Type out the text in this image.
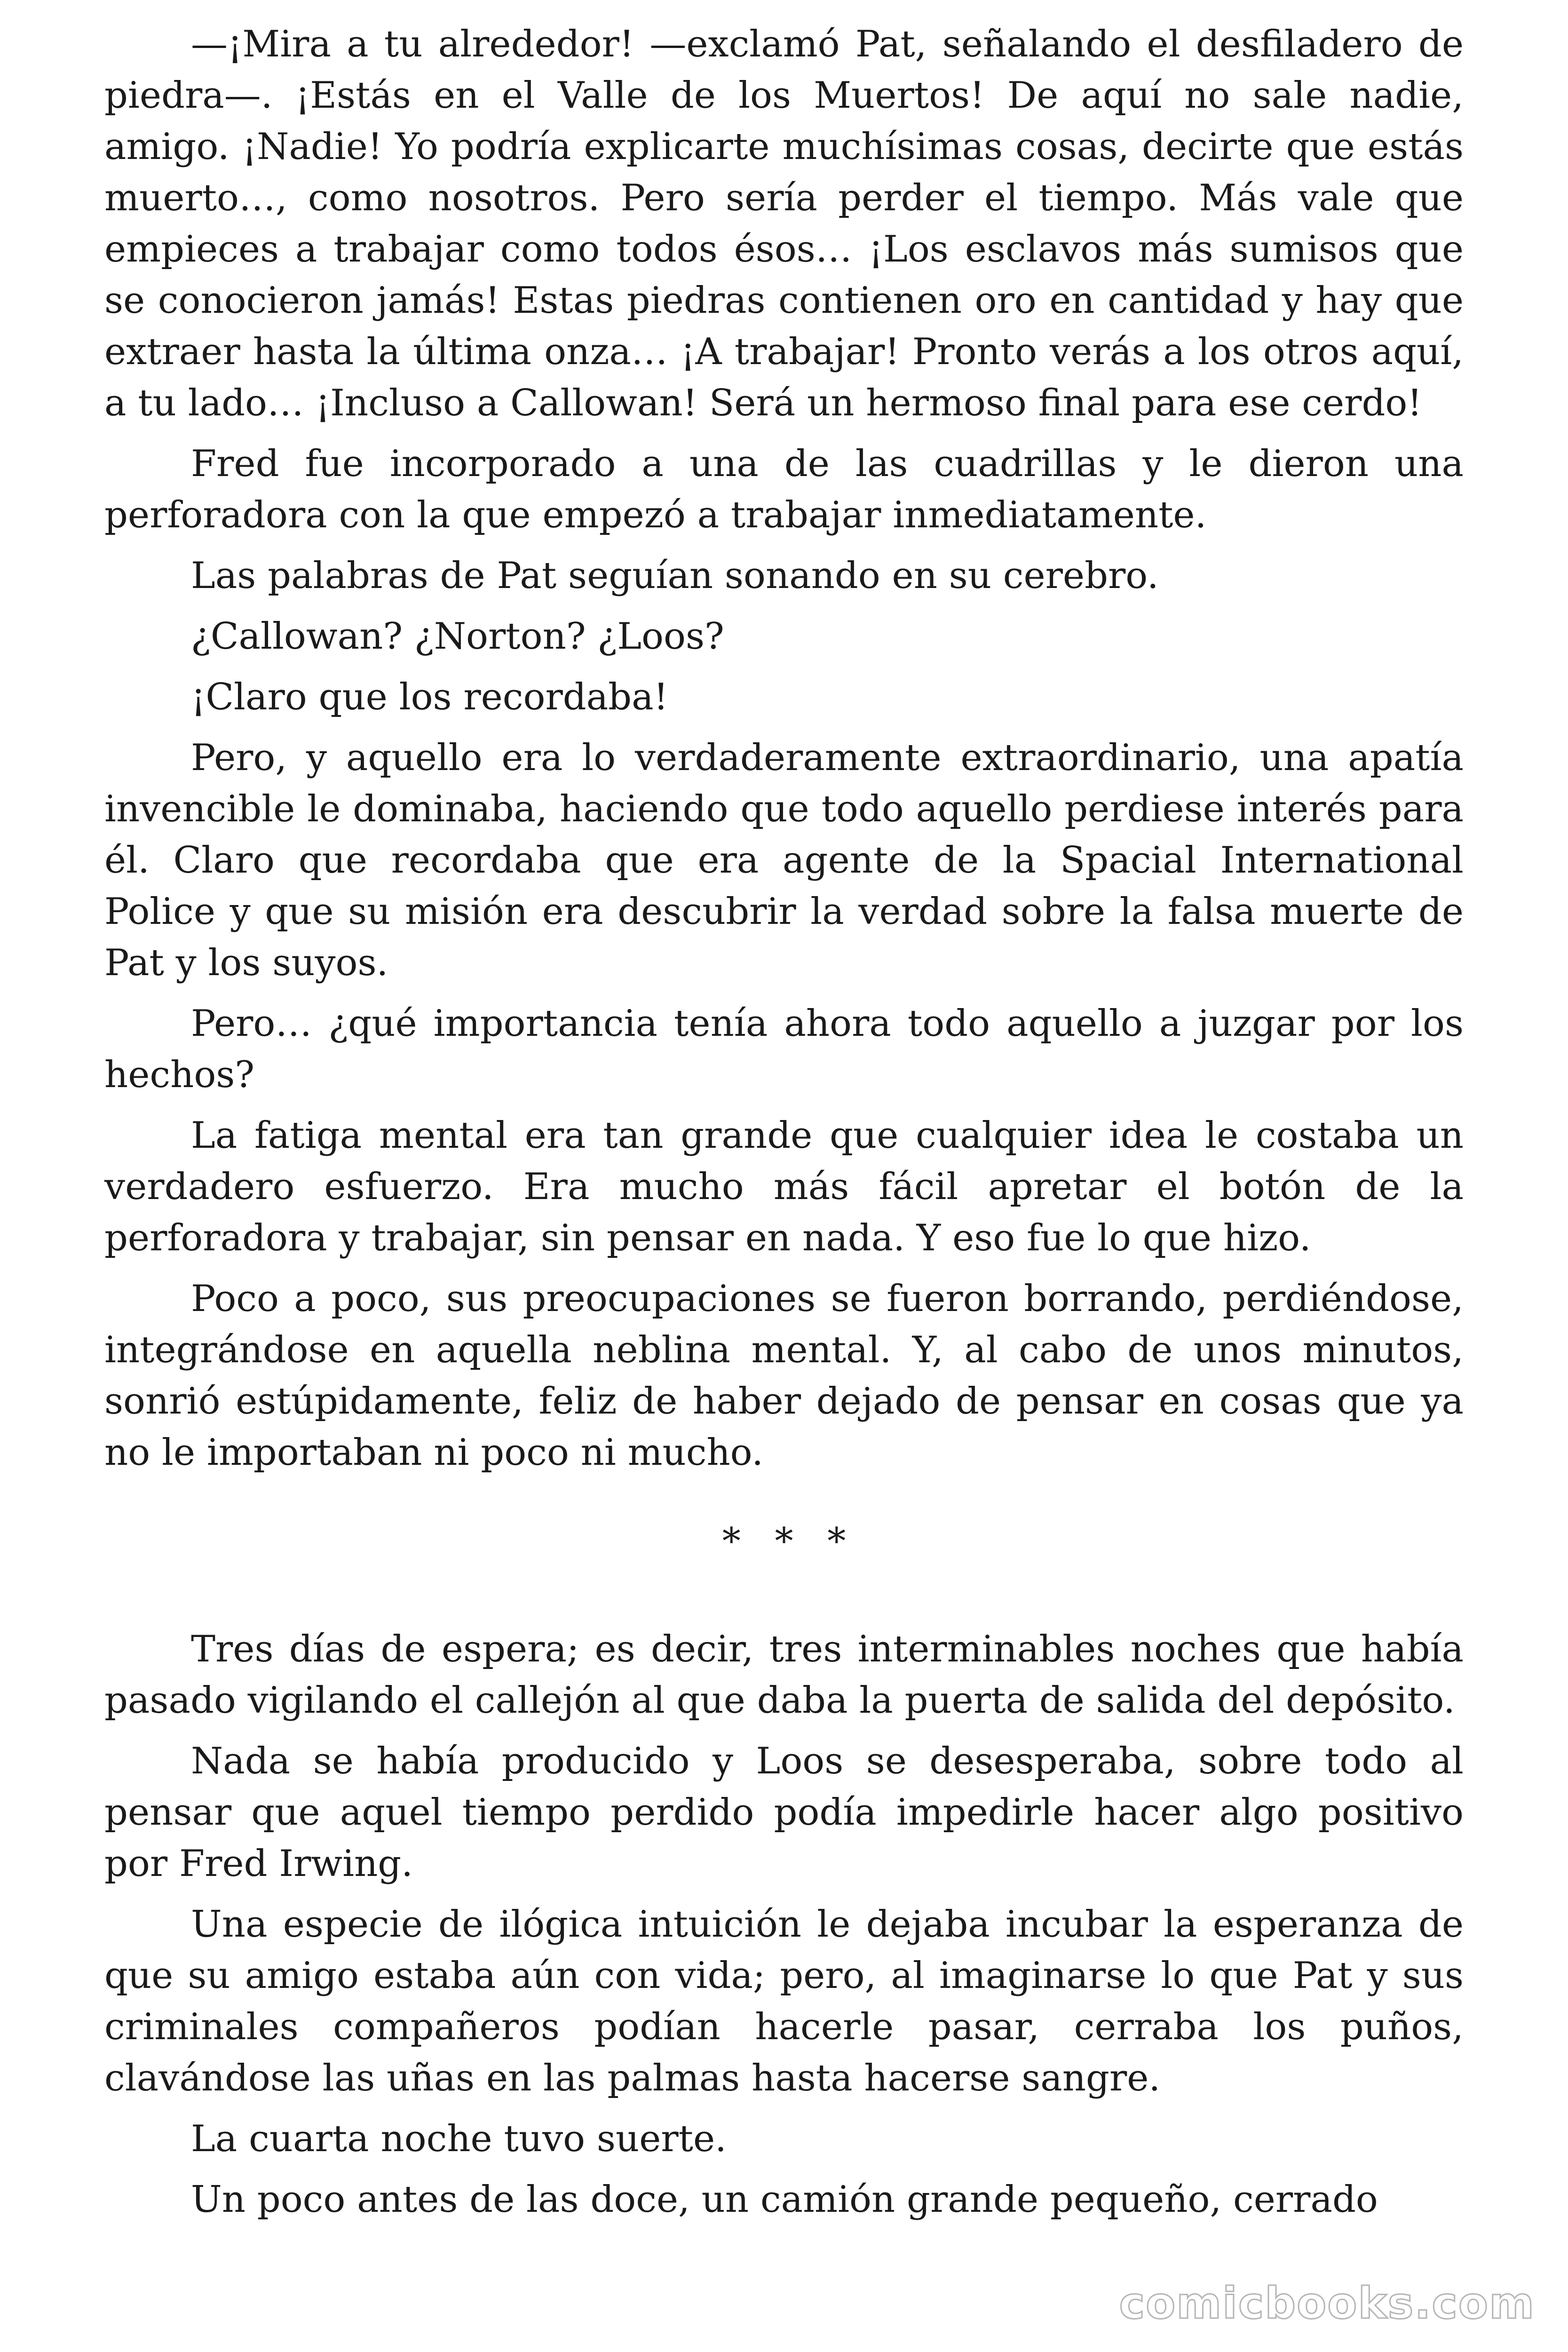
—¡Mira a tu alrededor! —exclamó Pat, señalando el desfiladero de piedra—. ¡Estás en el Valle de los Muertos! De aquí no sale nadie, amigo. ¡Nadie! Yo podría explicarte muchísimas cosas, decirte que estás muerto…, como nosotros. Pero sería perder el tiempo. Más vale que empieces a trabajar como todos ésos… ¡Los esclavos más sumisos que se conocieron jamás! Estas piedras contienen oro en cantidad y hay que extraer hasta la última onza… ¡A trabajar! Pronto verás a los otros aquí, a tu lado… ¡Incluso a Callowan! Será un hermoso final para ese cerdo!

Fred fue incorporado a una de las cuadrillas y le dieron una perforadora con la que empezó a trabajar inmediatamente.

Las palabras de Pat seguían sonando en su cerebro.

¿Callowan? ¿Norton? ¿Loos?

¡Claro que los recordaba!

Pero, y aquello era lo verdaderamente extraordinario, una apatía invencible le dominaba, haciendo que todo aquello perdiese interés para él. Claro que recordaba que era agente de la Spacial International Police y que su misión era descubrir la verdad sobre la falsa muerte de Pat y los suyos.

Pero… ¿qué importancia tenía ahora todo aquello a juzgar por los hechos?

La fatiga mental era tan grande que cualquier idea le costaba un verdadero esfuerzo. Era mucho más fácil apretar el botón de la perforadora y trabajar, sin pensar en nada. Y eso fue lo que hizo.

Poco a poco, sus preocupaciones se fueron borrando, perdiéndose, integrándose en aquella neblina mental. Y, al cabo de unos minutos, sonrió estúpidamente, feliz de haber dejado de pensar en cosas que ya no le importaban ni poco ni mucho.

* * *

Tres días de espera; es decir, tres interminables noches que había pasado vigilando el callejón al que daba la puerta de salida del depósito.

Nada se había producido y Loos se desesperaba, sobre todo al pensar que aquel tiempo perdido podía impedirle hacer algo positivo por Fred Irwing.

Una especie de ilógica intuición le dejaba incubar la esperanza de que su amigo estaba aún con vida; pero, al imaginarse lo que Pat y sus criminales compañeros podían hacerle pasar, cerraba los puños, clavándose las uñas en las palmas hasta hacerse sangre.

La cuarta noche tuvo suerte.

Un poco antes de las doce, un camión grande pequeño, cerrado

comicbooks.com
